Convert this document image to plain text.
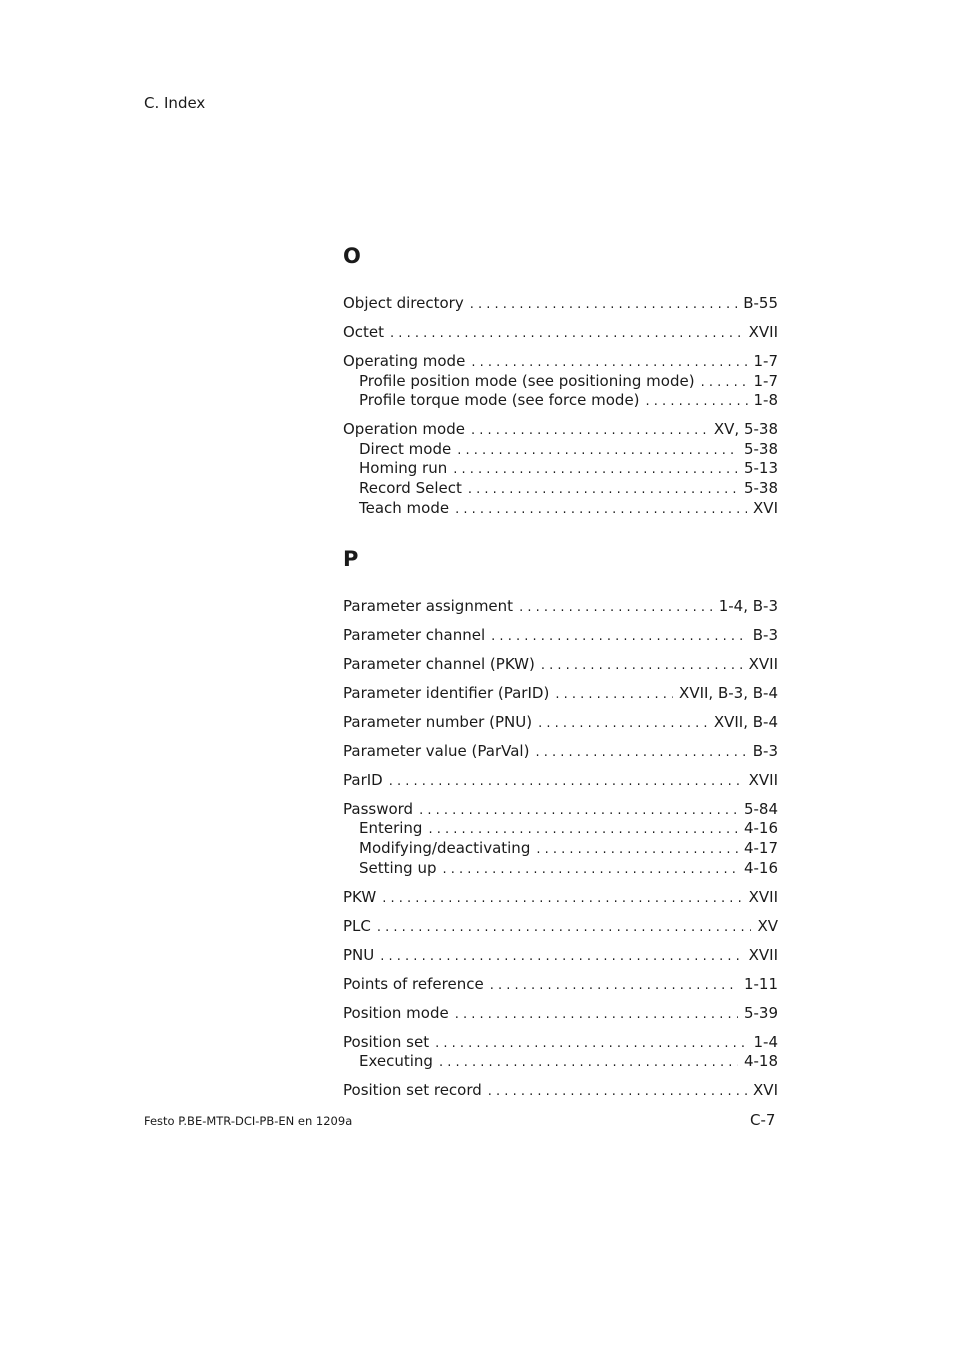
C. Index
O
Object directory . . .	B-55
Octet . . .	XVII
Operating mode . . .	1-7
Profile position mode (see positioning mode) . . .	1-7
Profile torque mode (see force mode) . . .	1-8
Operation mode . . .	XV, 5-38
Direct mode . . .	5-38
Homing run . . .	5-13
Record Select . . .	5-38
Teach mode . . .	XVI
P
Parameter assignment . . .	1-4, B-3
Parameter channel . . .	B-3
Parameter channel (PKW) . . .	XVII
Parameter identifier (ParID) . . .	XVII, B-3, B-4
Parameter number (PNU) . . .	XVII, B-4
Parameter value (ParVal) . . .	B-3
ParID . . .	XVII
Password . . .	5-84
Entering . . .	4-16
Modifying/deactivating . . .	4-17
Setting up . . .	4-16
PKW . . .	XVII
PLC . . .	XV
PNU . . .	XVII
Points of reference . . .	1-11
Position mode . . .	5-39
Position set . . .	1-4
Executing . . .	4-18
Position set record . . .	XVI
Festo P.BE-MTR-DCI-PB-EN en 1209a	C-7
